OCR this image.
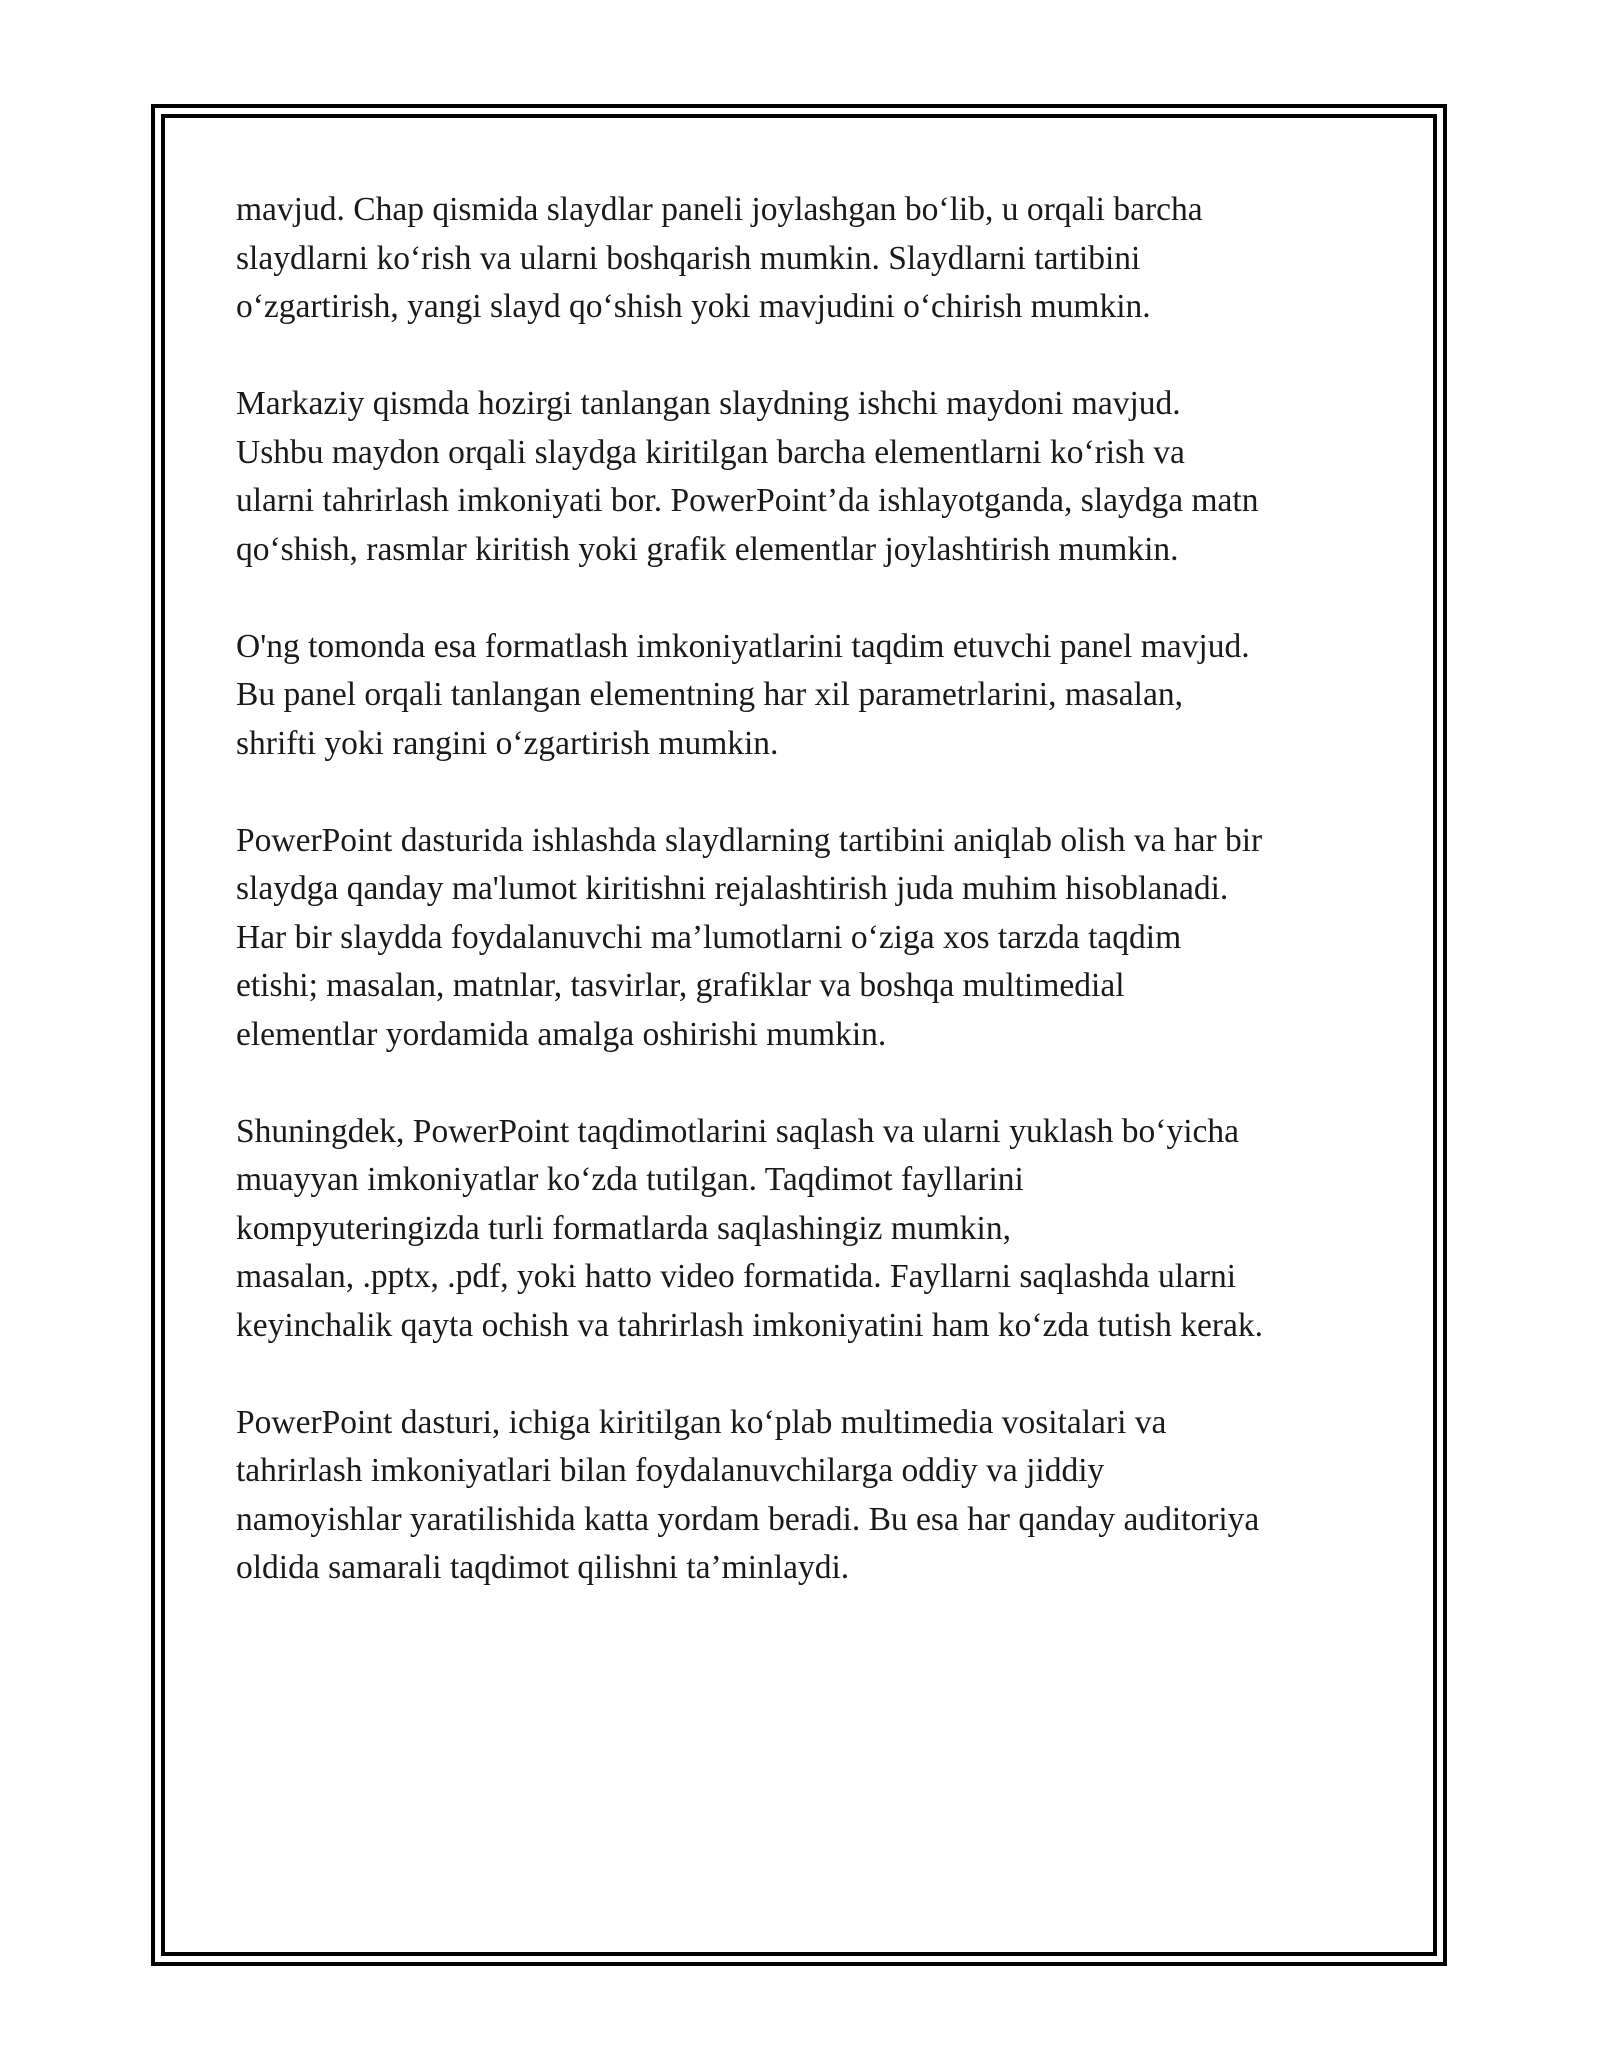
mavjud. Chap qismida slaydlar paneli joylashgan bo‘lib, u orqali barcha
slaydlarni ko‘rish va ularni boshqarish mumkin. Slaydlarni tartibini
o‘zgartirish, yangi slayd qo‘shish yoki mavjudini o‘chirish mumkin.

Markaziy qismda hozirgi tanlangan slaydning ishchi maydoni mavjud.
Ushbu maydon orqali slaydga kiritilgan barcha elementlarni ko‘rish va
ularni tahrirlash imkoniyati bor. PowerPoint’da ishlayotganda, slaydga matn
qo‘shish, rasmlar kiritish yoki grafik elementlar joylashtirish mumkin.

O'ng tomonda esa formatlash imkoniyatlarini taqdim etuvchi panel mavjud.
Bu panel orqali tanlangan elementning har xil parametrlarini, masalan,
shrifti yoki rangini o‘zgartirish mumkin.

PowerPoint dasturida ishlashda slaydlarning tartibini aniqlab olish va har bir
slaydga qanday ma'lumot kiritishni rejalashtirish juda muhim hisoblanadi.
Har bir slaydda foydalanuvchi ma’lumotlarni o‘ziga xos tarzda taqdim
etishi; masalan, matnlar, tasvirlar, grafiklar va boshqa multimedial
elementlar yordamida amalga oshirishi mumkin.

Shuningdek, PowerPoint taqdimotlarini saqlash va ularni yuklash bo‘yicha
muayyan imkoniyatlar ko‘zda tutilgan. Taqdimot fayllarini
kompyuteringizda turli formatlarda saqlashingiz mumkin,
masalan, .pptx, .pdf, yoki hatto video formatida. Fayllarni saqlashda ularni
keyinchalik qayta ochish va tahrirlash imkoniyatini ham ko‘zda tutish kerak.

PowerPoint dasturi, ichiga kiritilgan ko‘plab multimedia vositalari va
tahrirlash imkoniyatlari bilan foydalanuvchilarga oddiy va jiddiy
namoyishlar yaratilishida katta yordam beradi. Bu esa har qanday auditoriya
oldida samarali taqdimot qilishni ta’minlaydi.
